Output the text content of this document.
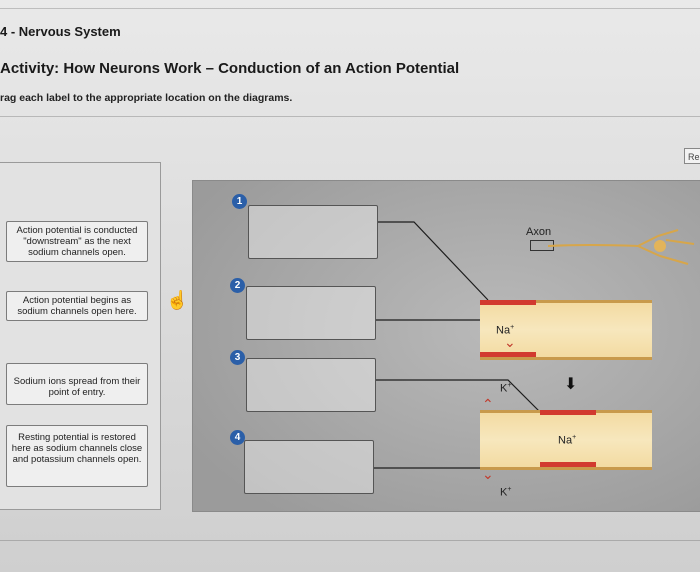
4 - Nervous System
Activity: How Neurons Work – Conduction of an Action Potential
rag each label to the appropriate location on the diagrams.
Re
Action potential is conducted "downstream" as the next sodium channels open.
Action potential begins as sodium channels open here.
Sodium ions spread from their point of entry.
Resting potential is restored here as sodium channels close and potassium channels open.
☝
1
2
3
4
Axon
Na+
K+
Na+
K+
⌄
⌃
⌄
⬇
